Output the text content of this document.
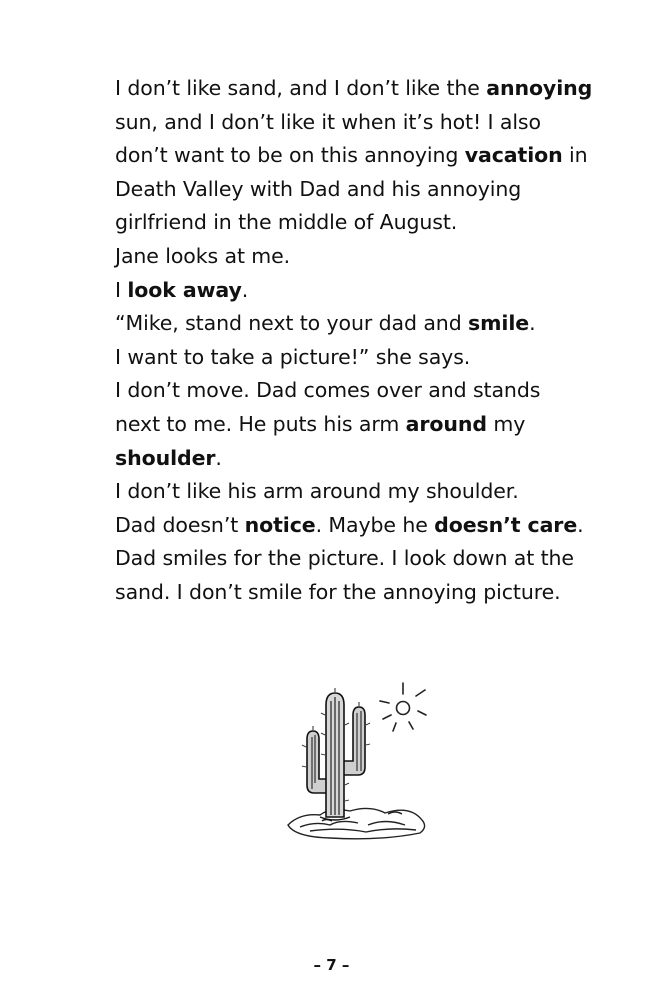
I don’t like sand, and I don’t like the annoying
sun, and I don’t like it when it’s hot! I also
don’t want to be on this annoying vacation in
Death Valley with Dad and his annoying
girlfriend in the middle of August.
Jane looks at me.
I look away.
“Mike, stand next to your dad and smile.
I want to take a picture!” she says.
I don’t move. Dad comes over and stands
next to me. He puts his arm around my
shoulder.
I don’t like his arm around my shoulder.
Dad doesn’t notice. Maybe he doesn’t care.
Dad smiles for the picture. I look down at the
sand. I don’t smile for the annoying picture.
– 7 –
